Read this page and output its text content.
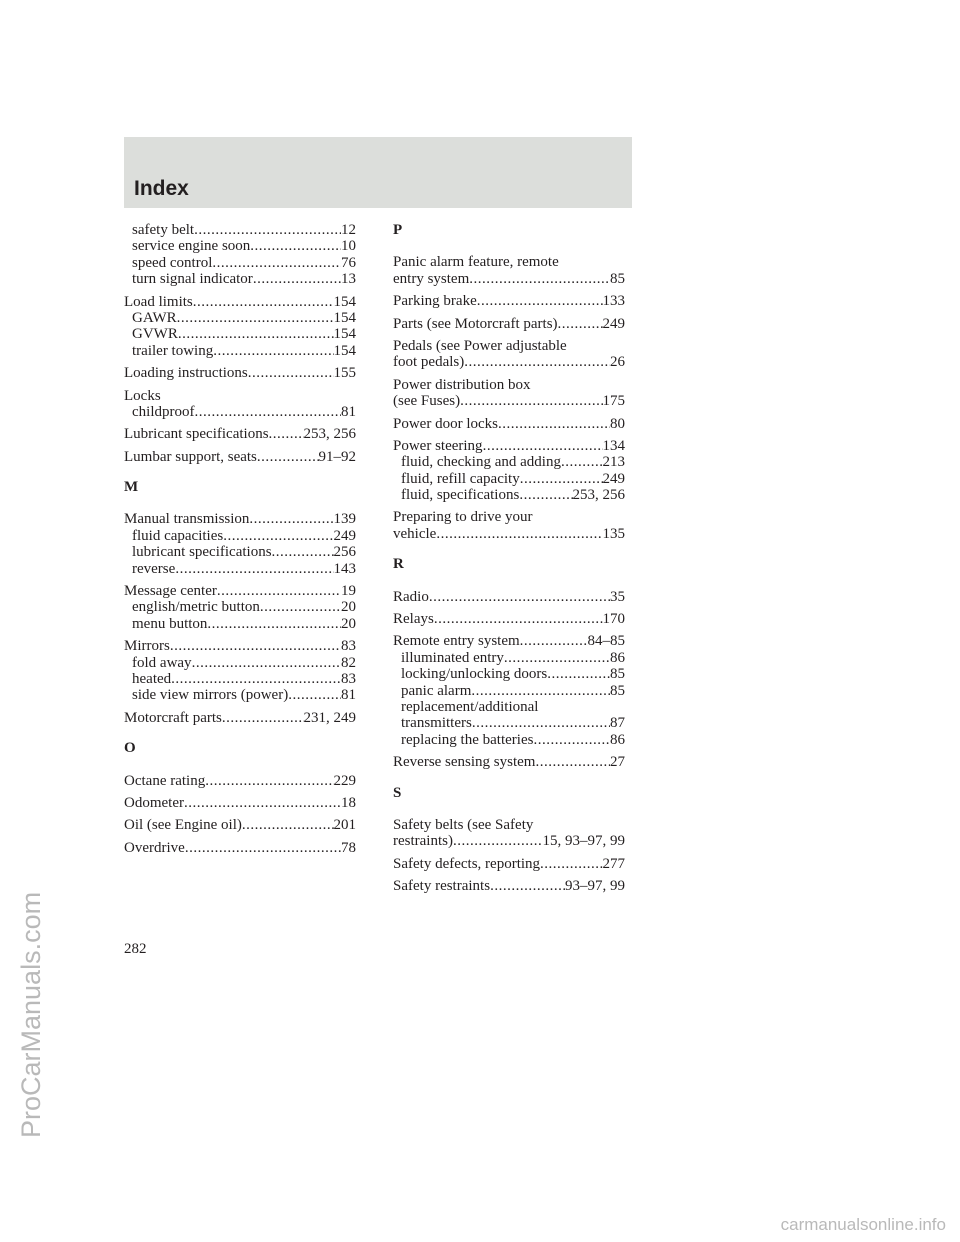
Index
safety belt .....	12
service engine soon .....	10
speed control .....	76
turn signal indicator .....	13
Load limits .....	154
GAWR .....	154
GVWR .....	154
trailer towing .....	154
Loading instructions .....	155
Locks
childproof .....	81
Lubricant specifications ..... 253, 256
Lumbar support, seats .....	91–92
M
Manual transmission .....	139
fluid capacities .....	249
lubricant specifications .....	256
reverse .....	143
Message center .....	19
english/metric button .....	20
menu button .....	20
Mirrors .....	83
fold away .....	82
heated .....	83
side view mirrors (power) .....	81
Motorcraft parts .....	231, 249
O
Octane rating .....	229
Odometer .....	18
Oil (see Engine oil) .....	201
Overdrive .....	78
P
Panic alarm feature, remote
entry system .....	85
Parking brake .....	133
Parts (see Motorcraft parts) .....	249
Pedals (see Power adjustable
foot pedals) .....	26
Power distribution box
(see Fuses) .....	175
Power door locks .....	80
Power steering .....	134
fluid, checking and adding .....	213
fluid, refill capacity .....	249
fluid, specifications .....	253, 256
Preparing to drive your
vehicle .....	135
R
Radio .....	35
Relays .....	170
Remote entry system .....	84–85
illuminated entry .....	86
locking/unlocking doors .....	85
panic alarm .....	85
replacement/additional
transmitters .....	87
replacing the batteries .....	86
Reverse sensing system .....	27
S
Safety belts (see Safety
restraints) .....	15, 93–97, 99
Safety defects, reporting .....	277
Safety restraints .....	93–97, 99
282
ProCarManuals.com
carmanualsonline.info
